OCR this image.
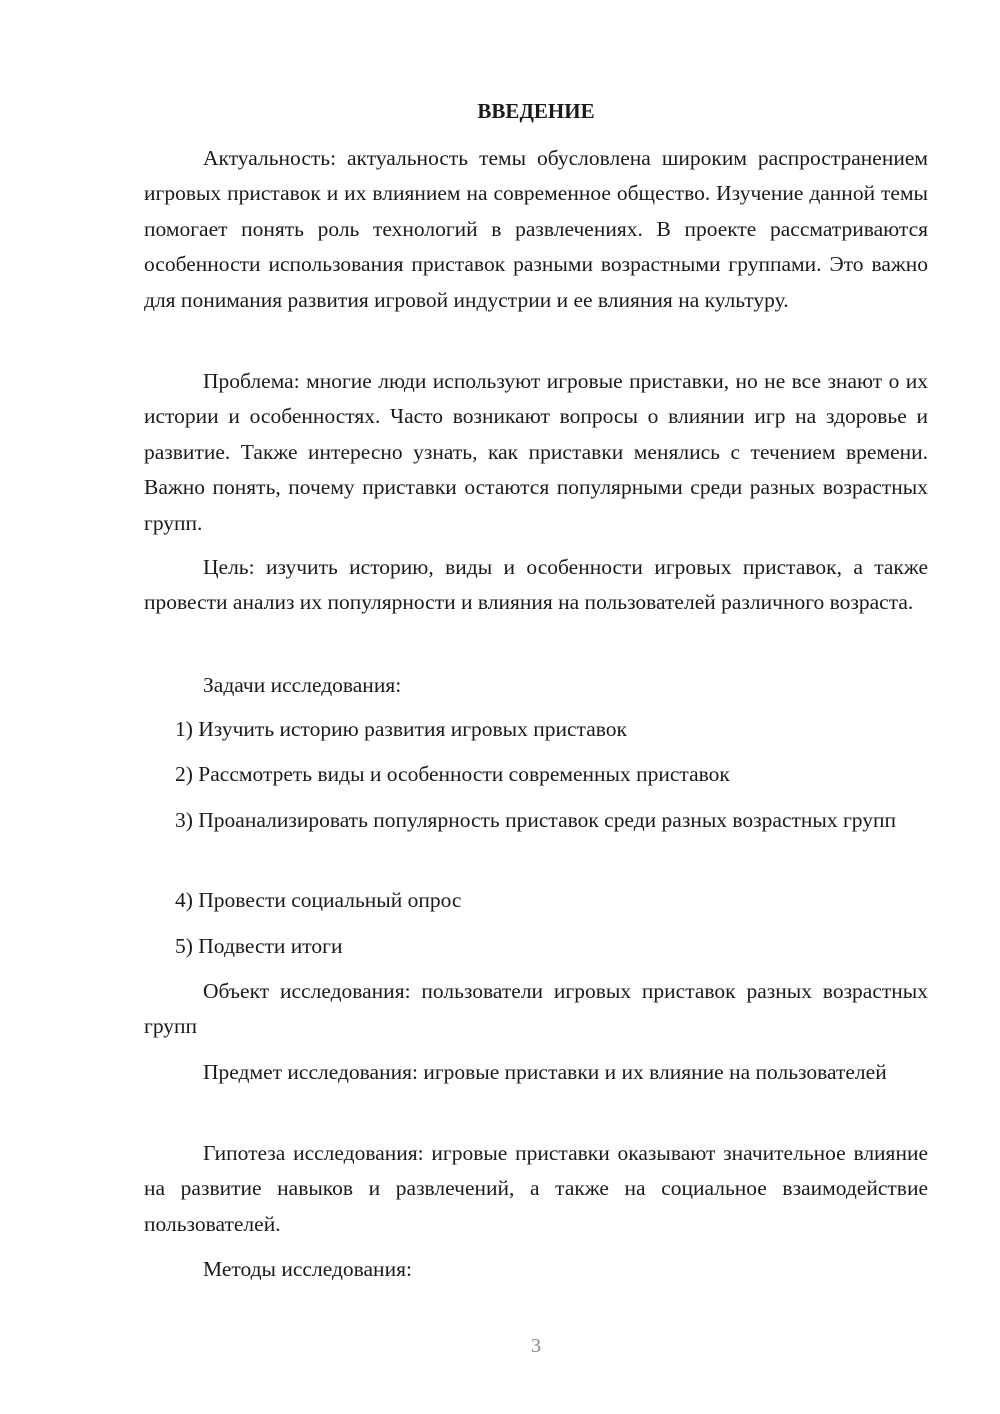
ВВЕДЕНИЕ

Актуальность: актуальность темы обусловлена широким распространением игровых приставок и их влиянием на современное общество. Изучение данной темы помогает понять роль технологий в развлечениях. В проекте рассматриваются особенности использования приставок разными возрастными группами. Это важно для понимания развития игровой индустрии и ее влияния на культуру.

Проблема: многие люди используют игровые приставки, но не все знают о их истории и особенностях. Часто возникают вопросы о влиянии игр на здоровье и развитие. Также интересно узнать, как приставки менялись с течением времени. Важно понять, почему приставки остаются популярными среди разных возрастных групп.

Цель: изучить историю, виды и особенности игровых приставок, а также провести анализ их популярности и влияния на пользователей различного возраста.

Задачи исследования:

1) Изучить историю развития игровых приставок

2) Рассмотреть виды и особенности современных приставок

3) Проанализировать популярность приставок среди разных возрастных групп

4) Провести социальный опрос

5) Подвести итоги

Объект исследования: пользователи игровых приставок разных возрастных групп

Предмет исследования: игровые приставки и их влияние на пользователей

Гипотеза исследования: игровые приставки оказывают значительное влияние на развитие навыков и развлечений, а также на социальное взаимодействие пользователей.

Методы исследования:

3
